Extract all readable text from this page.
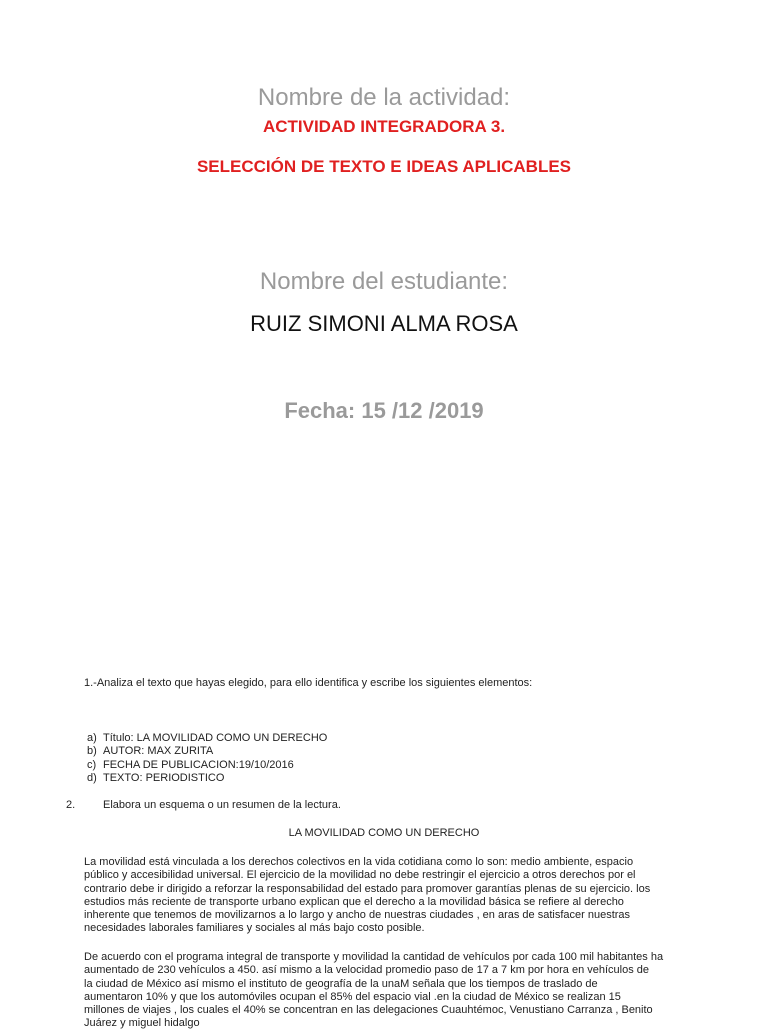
Nombre de la actividad:
ACTIVIDAD INTEGRADORA 3.
SELECCIÓN DE TEXTO E IDEAS APLICABLES
Nombre del estudiante:
RUIZ SIMONI ALMA ROSA
Fecha: 15 /12 /2019
1.-Analiza el texto que hayas elegido, para ello identifica y escribe los siguientes elementos:
a) Título: LA MOVILIDAD COMO UN DERECHO
b) AUTOR: MAX ZURITA
c) FECHA DE PUBLICACION:19/10/2016
d) TEXTO: PERIODISTICO
2.	Elabora un esquema o un resumen de la lectura.
LA MOVILIDAD COMO UN DERECHO
La movilidad está vinculada a los derechos colectivos en la vida cotidiana como lo son: medio ambiente, espacio
público y accesibilidad universal. El ejercicio de la movilidad no debe restringir el ejercicio a otros derechos por el
contrario debe ir dirigido a reforzar la responsabilidad del estado para promover garantías plenas de su ejercicio. los
estudios más reciente de transporte urbano explican que el derecho a la movilidad básica se refiere al derecho
inherente que tenemos de movilizarnos a lo largo y ancho de nuestras ciudades , en aras de satisfacer nuestras
necesidades laborales familiares y sociales al más bajo costo posible.
De acuerdo con el programa integral de transporte y movilidad la cantidad de vehículos por cada 100 mil habitantes ha
aumentado de 230 vehículos a 450. así mismo a la velocidad promedio paso de 17 a 7 km por hora en vehículos de
la ciudad de México así mismo el instituto de geografía de la unaM señala que los tiempos de traslado de
aumentaron 10% y que los automóviles ocupan el 85% del espacio vial .en la ciudad de México se realizan 15
millones de viajes , los cuales el 40% se concentran en las delegaciones Cuauhtémoc, Venustiano Carranza , Benito
Juárez y miguel hidalgo
